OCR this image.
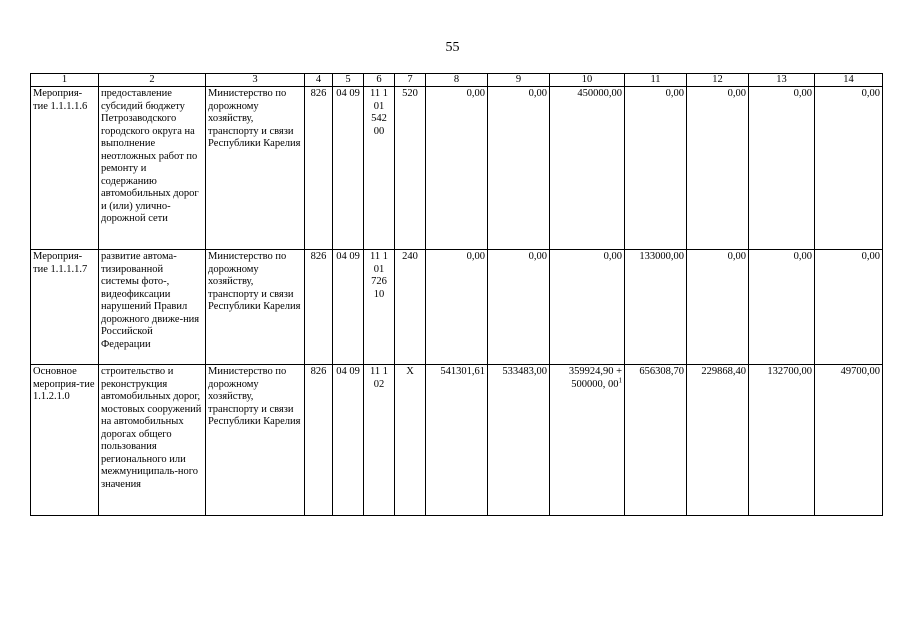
55
1	2	3	4	5	6	7	8	9	10	11	12	13	14
Мероприя-тие 1.1.1.1.6	предоставление субсидий бюджету Петрозаводского городского округа на выполнение неотложных работ по ремонту и содержанию автомобильных дорог и (или) улично-дорожной сети	Министерство по дорожному хозяйству, транспорту и связи Республики Карелия	826	04 09	11 1 01 542 00	520	0,00	0,00	450000,00	0,00	0,00	0,00	0,00
Мероприя-тие 1.1.1.1.7	развитие автома-тизированной системы фото-, видеофиксации нарушений Правил дорожного движе-ния Российской Федерации	Министерство по дорожному хозяйству, транспорту и связи Республики Карелия	826	04 09	11 1 01 726 10	240	0,00	0,00	0,00	133000,00	0,00	0,00	0,00
Основное мероприя-тие 1.1.2.1.0	строительство и реконструкция автомобильных дорог, мостовых сооружений на автомобильных дорогах общего пользования регионального или межмуниципаль-ного значения	Министерство по дорожному хозяйству, транспорту и связи Республики Карелия	826	04 09	11 1 02	Х	541301,61	533483,00	359924,90 + 500000, $00^1$	656308,70	229868,40	132700,00	49700,00
